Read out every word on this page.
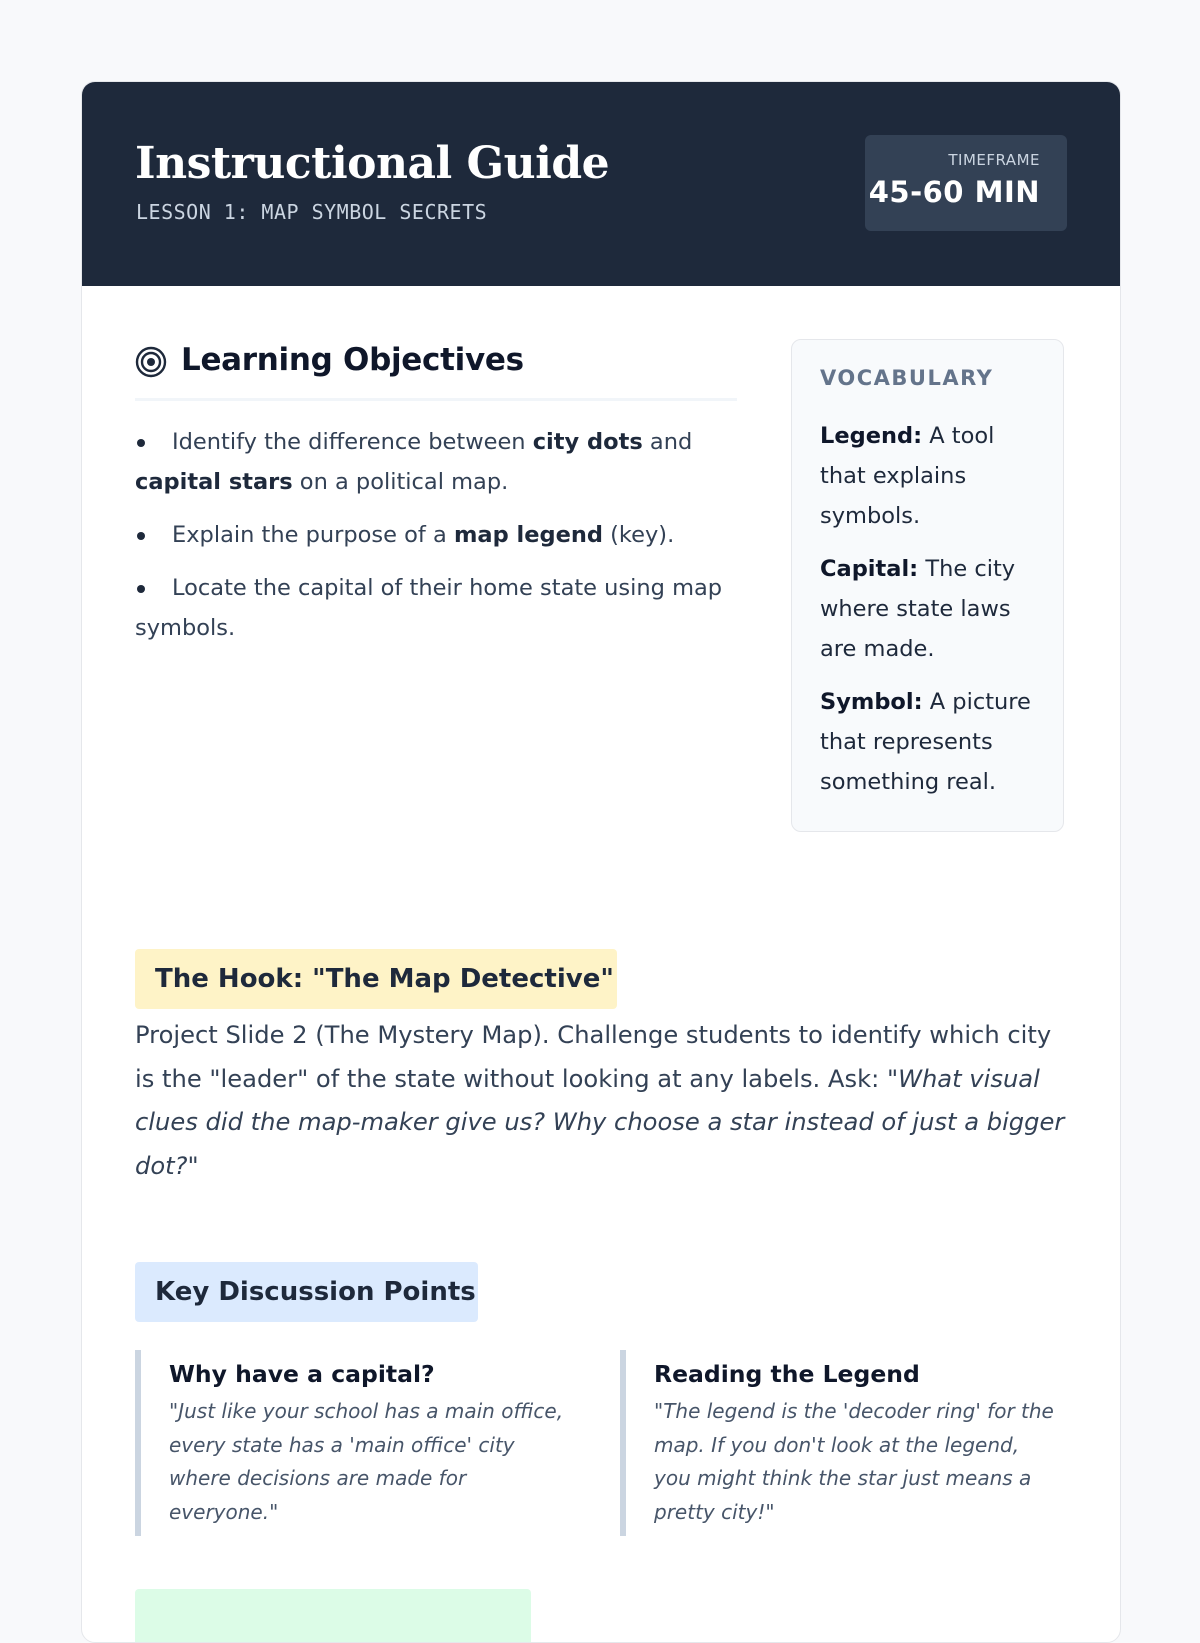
Instructional Guide
LESSON 1: MAP SYMBOL SECRETS
TIMEFRAME
45-60 MIN
Learning Objectives
Identify the difference between city dots and capital stars on a political map.
Explain the purpose of a map legend (key).
Locate the capital of their home state using map symbols.
VOCABULARY
Legend: A tool that explains symbols.
Capital: The city where state laws are made.
Symbol: A picture that represents something real.
The Hook: "The Map Detective"

Project Slide 2 (The Mystery Map). Challenge students to identify which city is the "leader" of the state without looking at any labels. Ask: "What visual clues did the map-maker give us? Why choose a star instead of just a bigger dot?"

Key Discussion Points
Why have a capital?

"Just like your school has a main office, every state has a 'main office' city where decisions are made for everyone."

Reading the Legend

"The legend is the 'decoder ring' for the map. If you don't look at the legend, you might think the star just means a pretty city!"
